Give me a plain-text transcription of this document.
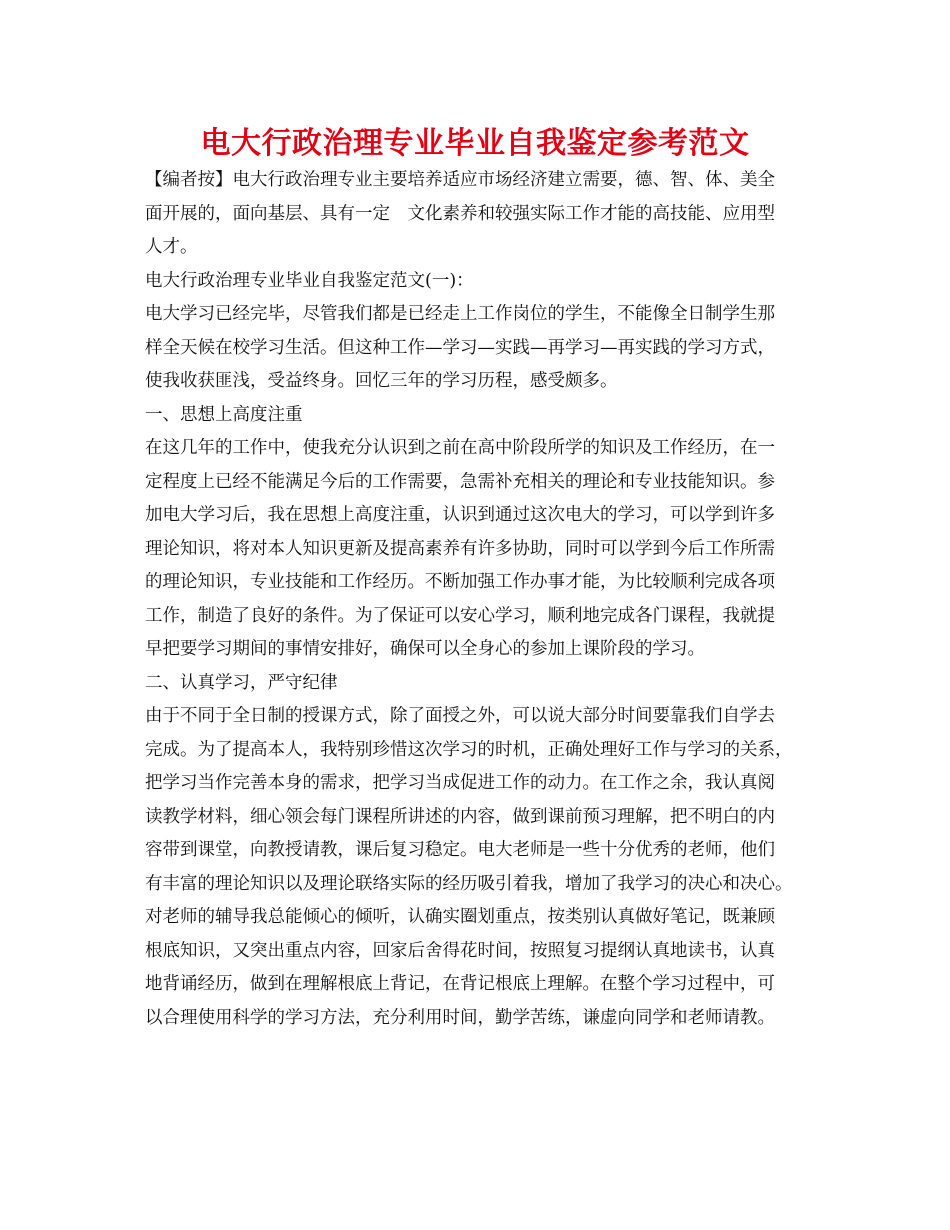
电大行政治理专业毕业自我鉴定参考范文
【编者按】电大行政治理专业主要培养适应市场经济建立需要，德、智、体、美全
面开展的，面向基层、具有一定　文化素养和较强实际工作才能的高技能、应用型
人才。
电大行政治理专业毕业自我鉴定范文(一)：
电大学习已经完毕，尽管我们都是已经走上工作岗位的学生，不能像全日制学生那
样全天候在校学习生活。但这种工作—学习—实践—再学习—再实践的学习方式，
使我收获匪浅，受益终身。回忆三年的学习历程，感受颇多。
一、思想上高度注重
在这几年的工作中，使我充分认识到之前在高中阶段所学的知识及工作经历，在一
定程度上已经不能满足今后的工作需要，急需补充相关的理论和专业技能知识。参
加电大学习后，我在思想上高度注重，认识到通过这次电大的学习，可以学到许多
理论知识，将对本人知识更新及提高素养有许多协助，同时可以学到今后工作所需
的理论知识，专业技能和工作经历。不断加强工作办事才能，为比较顺利完成各项
工作，制造了良好的条件。为了保证可以安心学习，顺利地完成各门课程，我就提
早把要学习期间的事情安排好，确保可以全身心的参加上课阶段的学习。
二、认真学习，严守纪律
由于不同于全日制的授课方式，除了面授之外，可以说大部分时间要靠我们自学去
完成。为了提高本人，我特别珍惜这次学习的时机，正确处理好工作与学习的关系，
把学习当作完善本身的需求，把学习当成促进工作的动力。在工作之余，我认真阅
读教学材料，细心领会每门课程所讲述的内容，做到课前预习理解，把不明白的内
容带到课堂，向教授请教，课后复习稳定。电大老师是一些十分优秀的老师，他们
有丰富的理论知识以及理论联络实际的经历吸引着我，增加了我学习的决心和决心。
对老师的辅导我总能倾心的倾听，认确实圈划重点，按类别认真做好笔记，既兼顾
根底知识，又突出重点内容，回家后舍得花时间，按照复习提纲认真地读书，认真
地背诵经历，做到在理解根底上背记，在背记根底上理解。在整个学习过程中，可
以合理使用科学的学习方法，充分利用时间，勤学苦练，谦虚向同学和老师请教。
